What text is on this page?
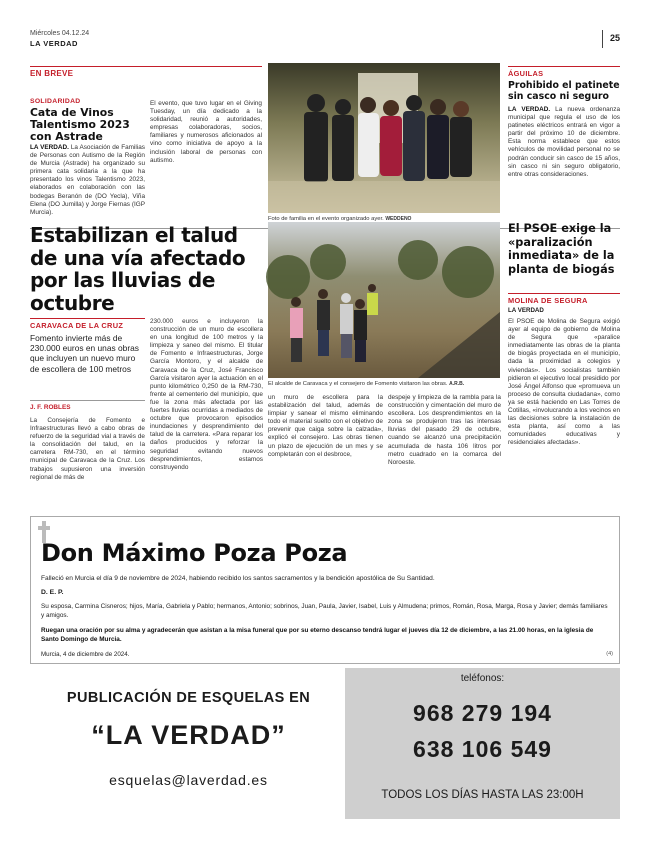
Miércoles 04.12.24
LA VERDAD
25
EN BREVE
SOLIDARIDAD
Cata de Vinos Talentismo 2023 con Astrade
LA VERDAD. La Asociación de Familias de Personas con Autismo de la Región de Murcia (Astrade) ha organizado su primera cata solidaria a la que ha presentado los vinos Talentismo 2023, elaborados en colaboración con las bodegas Beranón de (DO Yecla), Viña Elena (DO Jumilla) y Jorge Fiernas (IGP Murcia).
El evento, que tuvo lugar en el Giving Tuesday, un día dedicado a la solidaridad, reunió a autoridades, empresas colaboradoras, socios, familiares y numerosos aficionados al vino como iniciativa de apoyo a la inclusión laboral de personas con autismo.
Foto de familia en el evento organizado ayer. WEDDENO
ÁGUILAS
Prohibido el patinete sin casco ni seguro
LA VERDAD. La nueva ordenanza municipal que regula el uso de los patinetes eléctricos entrará en vigor a partir del próximo 10 de diciembre. Esta norma establece que estos vehículos de movilidad personal no se podrán conducir sin casco de 15 años, sin casco ni sin seguro obligatorio, entre otras consideraciones.
Estabilizan el talud de una vía afectado por las lluvias de octubre
CARAVACA DE LA CRUZ
Fomento invierte más de 230.000 euros en unas obras que incluyen un nuevo muro de escollera de 100 metros
J. F. ROBLES
La Consejería de Fomento e Infraestructuras llevó a cabo obras de refuerzo de la seguridad vial a través de la consolidación del talud, en la carretera RM-730, en el término municipal de Caravaca de la Cruz. Los trabajos supusieron una inversión regional de más de
230.000 euros e incluyeron la construcción de un muro de escollera en una longitud de 100 metros y la limpieza y saneo del mismo. El titular de Fomento e Infraestructuras, Jorge García Montoro, y el alcalde de Caravaca de la Cruz, José Francisco García visitaron ayer la actuación en el punto kilométrico 0,250 de la RM-730, frente al cementerio del municipio, que fue la zona más afectada por las fuertes lluvias ocurridas a mediados de octubre que provocaron episodios inundaciones y desprendimiento del talud de la carretera. «Para reparar los daños producidos y reforzar la seguridad evitando nuevos desprendimientos, estamos construyendo
El alcalde de Caravaca y el consejero de Fomento visitaron las obras. A.R.B.
un muro de escollera para la estabilización del talud, además de limpiar y sanear el mismo eliminando todo el material suelto con el objetivo de prevenir que caiga sobre la calzada», explicó el consejero. Las obras tienen un plazo de ejecución de un mes y se completarán con el desbroce,
despeje y limpieza de la rambla para la construcción y cimentación del muro de escollera. Los desprendimientos en la zona se produjeron tras las intensas lluvias del pasado 29 de octubre, cuando se alcanzó una precipitación acumulada de hasta 106 litros por metro cuadrado en la comarca del Noroeste.
El PSOE exige la «paralización inmediata» de la planta de biogás
MOLINA DE SEGURA
LA VERDAD
El PSOE de Molina de Segura exigió ayer al equipo de gobierno de Molina de Segura que «paralice inmediatamente las obras de la planta de biogás proyectada en el municipio, dada la proximidad a colegios y viviendas». Los socialistas también pidieron el ejecutivo local presidido por José Ángel Alfonso que «promueva un proceso de consulta ciudadana», como ya se está haciendo en Las Torres de Cotillas, «involucrando a los vecinos en las decisiones sobre la instalación de esta planta, así como a las comunidades educativas y residenciales afectadas».
Don Máximo Poza Poza
Falleció en Murcia el día 9 de noviembre de 2024, habiendo recibido los santos sacramentos y la bendición apostólica de Su Santidad.
D. E. P.
Su esposa, Carmina Cisneros; hijos, María, Gabriela y Pablo; hermanos, Antonio; sobrinos, Juan, Paula, Javier, Isabel, Luis y Almudena; primos, Román, Rosa, Marga, Rosa y Javier; demás familiares y amigos.
Ruegan una oración por su alma y agradecerán que asistan a la misa funeral que por su eterno descanso tendrá lugar el jueves día 12 de diciembre, a las 21.00 horas, en la iglesia de Santo Domingo de Murcia.
Murcia, 4 de diciembre de 2024.	(4)
PUBLICACIÓN DE ESQUELAS EN
“LA VERDAD”
esquelas@laverdad.es
teléfonos:
968 279 194
638 106 549
TODOS LOS DÍAS HASTA LAS 23:00H
